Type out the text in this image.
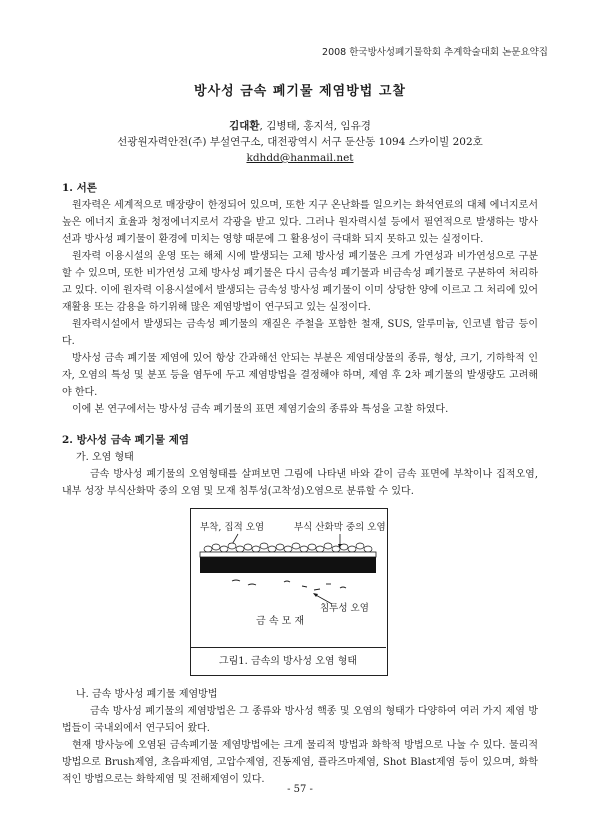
2008 한국방사성폐기물학회 추계학술대회 논문요약집
방사성 금속 폐기물 제염방법 고찰
김대환, 김병태, 홍지석, 임유경
선광원자력안전(주) 부설연구소, 대전광역시 서구 둔산동 1094 스카이빌 202호
kdhdd@hanmail.net

1. 서론

원자력은 세계적으로 매장량이 한정되어 있으며, 또한 지구 온난화를 일으키는 화석연료의 대체 에너지로서 높은 에너지 효율과 청정에너지로서 각광을 받고 있다. 그러나 원자력시설 등에서 필연적으로 발생하는 방사선과 방사성 폐기물이 환경에 미치는 영향 때문에 그 활용성이 극대화 되지 못하고 있는 실정이다.

원자력 이용시설의 운영 또는 해체 시에 발생되는 고체 방사성 폐기물은 크게 가연성과 비가연성으로 구분할 수 있으며, 또한 비가연성 고체 방사성 폐기물은 다시 금속성 폐기물과 비금속성 폐기물로 구분하여 처리하고 있다. 이에 원자력 이용시설에서 발생되는 금속성 방사성 폐기물이 이미 상당한 양에 이르고 그 처리에 있어 재활용 또는 감용을 하기위해 많은 제염방법이 연구되고 있는 실정이다.

원자력시설에서 발생되는 금속성 폐기물의 재질은 주철을 포함한 철재, SUS, 알루미늄, 인코넬 합금 등이다.

방사성 금속 폐기물 제염에 있어 항상 간과해선 안되는 부분은 제염대상물의 종류, 형상, 크기, 기하학적 인자, 오염의 특성 및 분포 등을 염두에 두고 제염방법을 결정해야 하며, 제염 후 2차 폐기물의 발생량도 고려해야 한다.

이에 본 연구에서는 방사성 금속 폐기물의 표면 제염기술의 종류와 특성을 고찰 하였다.

2. 방사성 금속 폐기물 제염

가. 오염 형태

금속 방사성 폐기물의 오염형태를 살펴보면 그림에 나타낸 바와 같이 금속 표면에 부착이나 집적오염, 내부 성장 부식산화막 중의 오염 및 모재 침투성(고착성)오염으로 분류할 수 있다.

부착, 집적 오염	부식 산화막 중의 오염
침투성 오염
금 속 모 재
그림1. 금속의 방사성 오염 형태

나. 금속 방사성 폐기물 제염방법

금속 방사성 폐기물의 제염방법은 그 종류와 방사성 핵종 및 오염의 형태가 다양하여 여러 가지 제염 방법들이 국내외에서 연구되어 왔다.

현재 방사능에 오염된 금속폐기물 제염방법에는 크게 물리적 방법과 화학적 방법으로 나눌 수 있다. 물리적 방법으로 Brush제염, 초음파제염, 고압수제염, 진동제염, 플라즈마제염, Shot Blast제염 등이 있으며, 화학적인 방법으로는 화학제염 및 전해제염이 있다.

- 57 -
